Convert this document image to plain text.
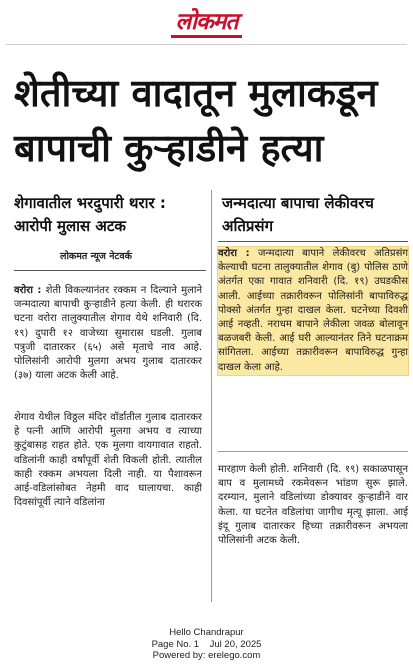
लोकमत
शेतीच्या वादातून मुलाकडून बापाची कुऱ्हाडीने हत्या
शेगावातील भरदुपारी थरार : आरोपी मुलास अटक
लोकमत न्यूज नेटवर्क
वरोरा : शेती विकल्यानंतर रक्कम न दिल्याने मुलाने जन्मदात्या बापाची कुऱ्हाडीने हत्या केली. ही थरारक घटना वरोरा तालुक्यातील शेगाव येथे शनिवारी (दि. १९) दुपारी १२ वाजेच्या सुमारास घडली. गुलाब पत्रुजी दातारकर (६५) असे मृताचे नाव आहे. पोलिसांनी आरोपी मुलगा अभय गुलाब दातारकर (३७) याला अटक केली आहे.
शेगाव येथील विठ्ठल मंदिर वॉर्डातील गुलाब दातारकर हे पत्नी आणि आरोपी मुलगा अभय व त्याच्या कुटुंबासह राहत होते. एक मुलगा वायगावात राहतो. वडिलांनी काही वर्षांपूर्वी शेती विकली होती. त्यातील काही रक्कम अभयला दिली नाही. या पैशावरून आई-वडिलांसोबत नेहमी वाद घालायचा. काही दिवसांपूर्वी त्याने वडिलांना
जन्मदात्या बापाचा लेकीवरच अतिप्रसंग
वरोरा : जन्मदात्या बापाने लेकीवरच अतिप्रसंग केल्याची घटना तालुक्यातील शेगाव (बु) पोलिस ठाणे अंतर्गत एका गावात शनिवारी (दि. १९) उघडकीस आली. आईच्या तक्रारीवरून पोलिसांनी बापाविरुद्ध पोक्सो अंतर्गत गुन्हा दाखल केला. घटनेच्या दिवशी आई नव्हती. नराधम बापाने लेकीला जवळ बोलावून बळजबरी केली. आई घरी आल्यानंतर तिने घटनाक्रम सांगितला. आईच्या तक्रारीवरून बापाविरुद्ध गुन्हा दाखल केला आहे.
मारहाण केली होती. शनिवारी (दि. १९) सकाळपासून बाप व मुलामध्ये रकमेवरून भांडण सुरू झाले. दरम्यान, मुलाने वडिलांच्या डोक्यावर कुऱ्हाडीने वार केला. या घटनेत वडिलांचा जागीच मृत्यू झाला. आई इंदू गुलाब दातारकर हिच्या तक्रारीवरून अभयला पोलिसांनी अटक केली.
Hello Chandrapur
Page No. 1    Jul 20, 2025
Powered by: erelego.com
